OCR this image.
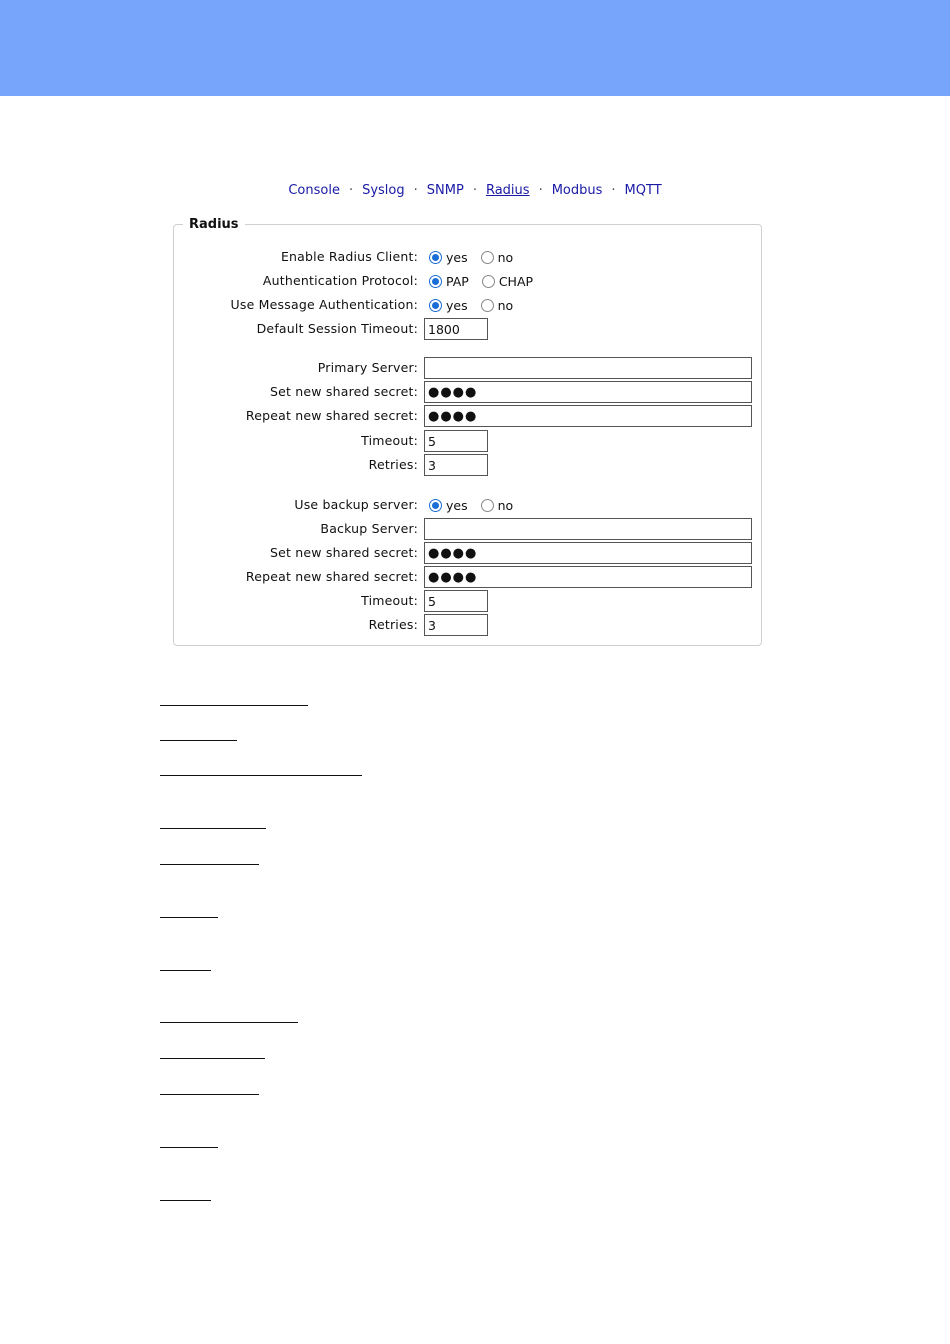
Console · Syslog · SNMP · Radius · Modbus · MQTT
Radius
Enable Radius Client: yes no
Authentication Protocol: PAP CHAP
Use Message Authentication: yes no
Default Session Timeout: 1800
Primary Server:
Set new shared secret: ●●●●
Repeat new shared secret: ●●●●
Timeout: 5
Retries: 3
Use backup server: yes no
Backup Server:
Set new shared secret: ●●●●
Repeat new shared secret: ●●●●
Timeout: 5
Retries: 3
